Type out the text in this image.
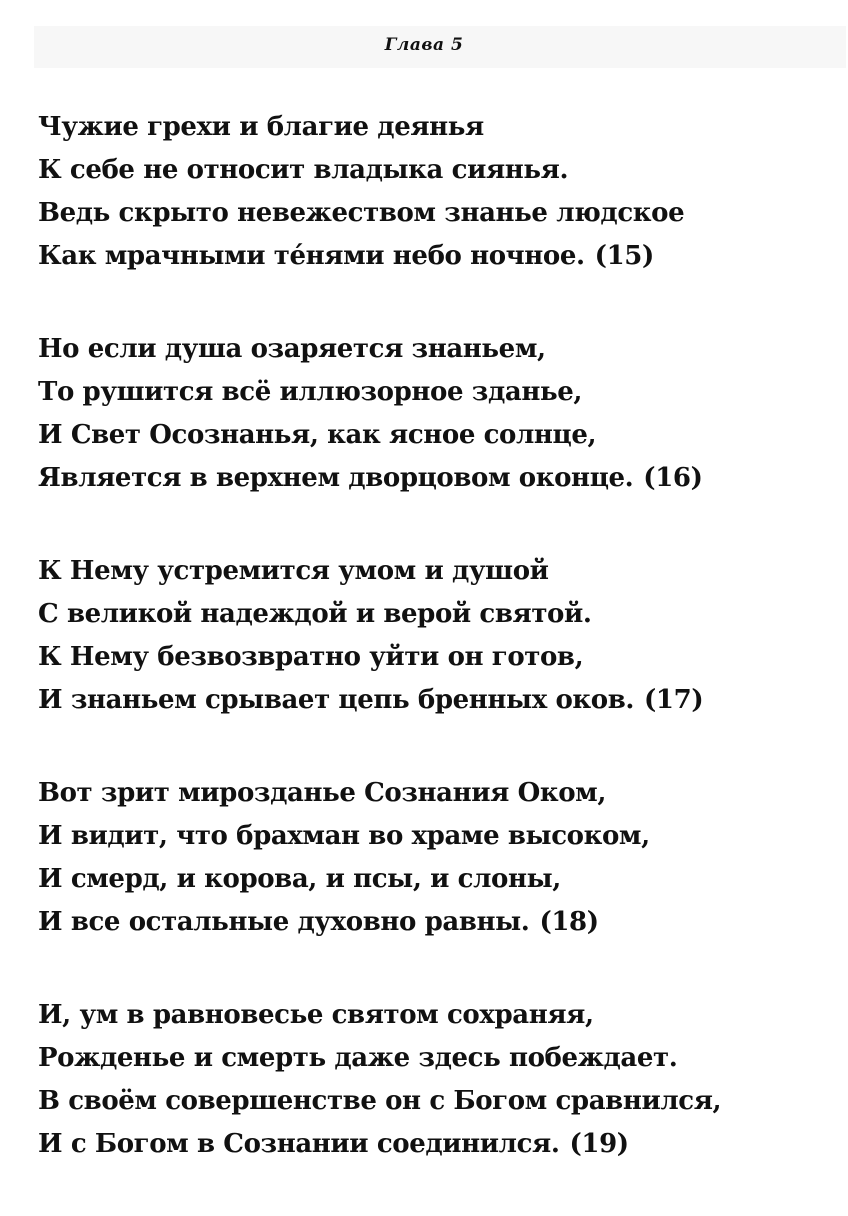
Глава 5
Чужие грехи и благие деянья
К себе не относит владыка сиянья.
Ведь скрыто невежеством знанье людское
Как мрачными тéнями небо ночное. (15)
Но если душа озаряется знаньем,
То рушится всё иллюзорное зданье,
И Свет Осознанья, как ясное солнце,
Является в верхнем дворцовом оконце. (16)
К Нему устремится умом и душой
С великой надеждой и верой святой.
К Нему безвозвратно уйти он готов,
И знаньем срывает цепь бренных оков. (17)
Вот зрит мирозданье Сознания Оком,
И видит, что брахман во храме высоком,
И смерд, и корова, и псы, и слоны,
И все остальные духовно равны. (18)
И, ум в равновесье святом сохраняя,
Рожденье и смерть даже здесь побеждает.
В своём совершенстве он с Богом сравнился,
И с Богом в Сознании соединился. (19)
